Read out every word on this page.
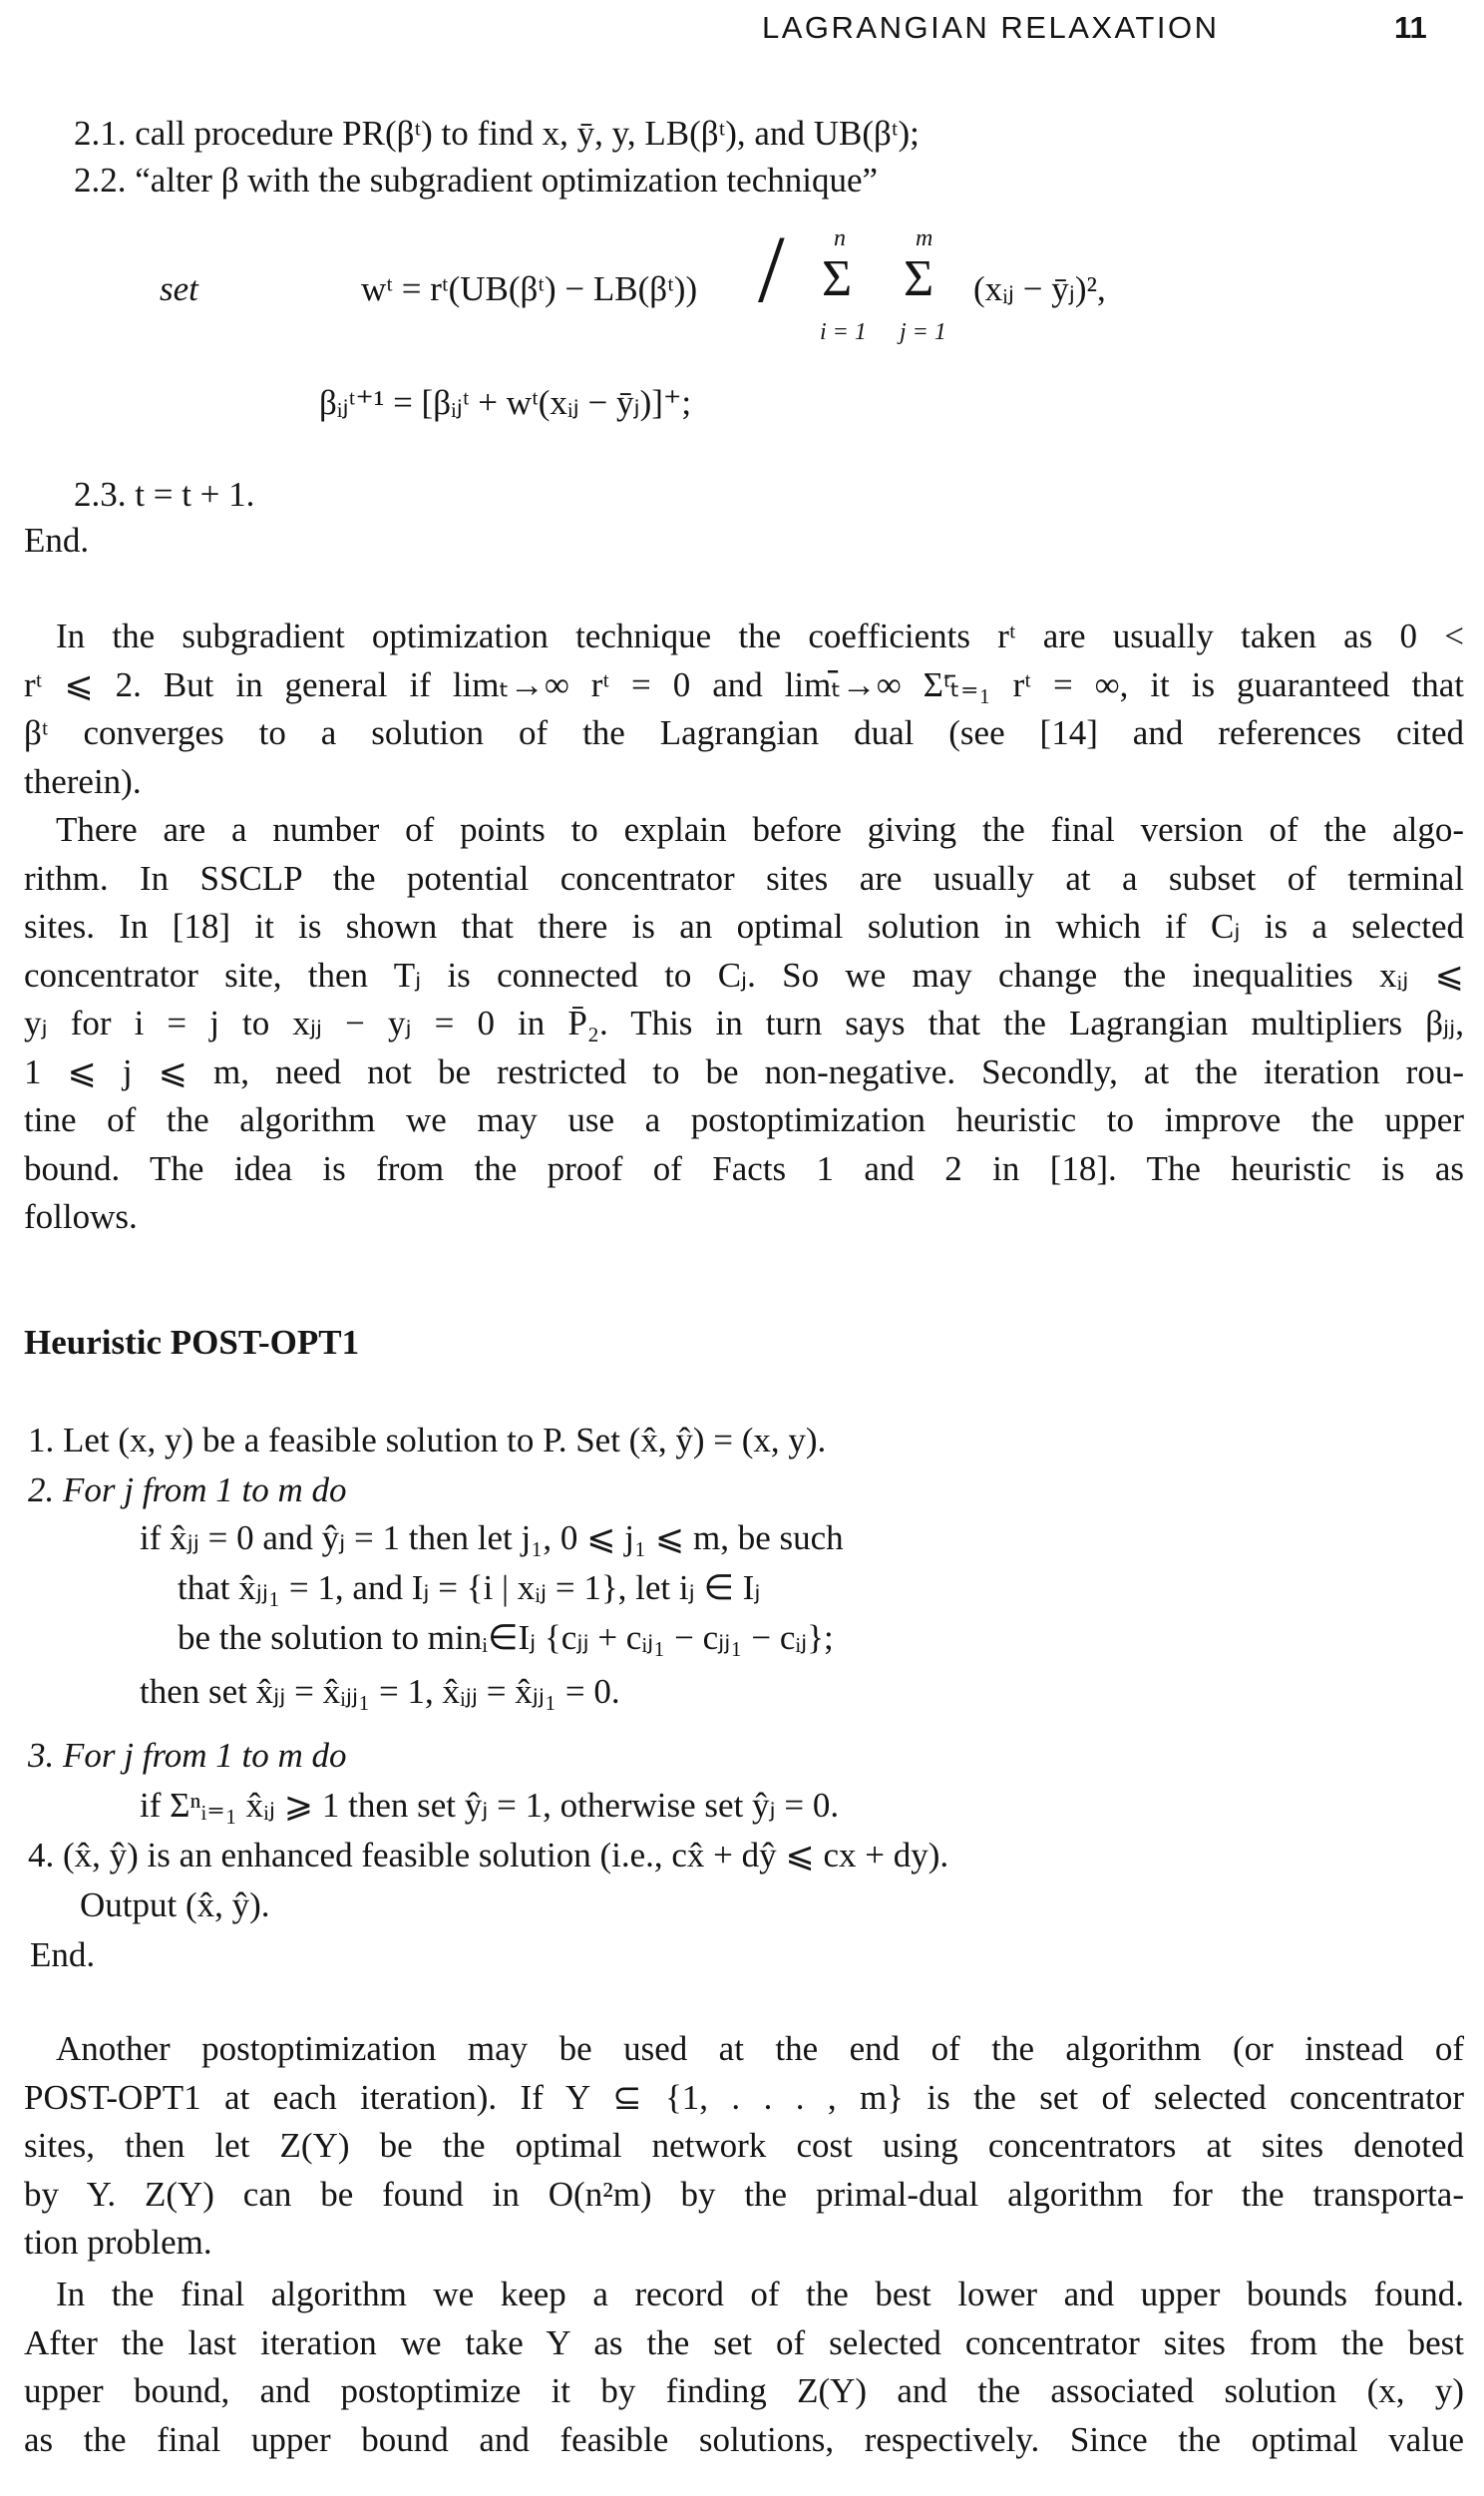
LAGRANGIAN RELAXATION	11
2.1. call procedure PR(βᵗ) to find x, ȳ, y, LB(βᵗ), and UB(βᵗ);
2.2. “alter β with the subgradient optimization technique”
set	wᵗ = rᵗ(UB(βᵗ) − LB(βᵗ)) / n
Σ
i = 1
m
Σ
j = 1
(xᵢⱼ − ȳⱼ)²,
βᵢⱼᵗ⁺¹ = [βᵢⱼᵗ + wᵗ(xᵢⱼ − ȳⱼ)]⁺;
2.3. t = t + 1.
End.
In the subgradient optimization technique the coefficients rᵗ are usually taken as 0 <
rᵗ ⩽ 2. But in general if limₜ→∞ rᵗ = 0 and limₜ̄→∞ Σᵗ̄ₜ₌₁ rᵗ = ∞, it is guaranteed that
βᵗ converges to a solution of the Lagrangian dual (see [14] and references cited
therein).
There are a number of points to explain before giving the final version of the algo-
rithm. In SSCLP the potential concentrator sites are usually at a subset of terminal
sites. In [18] it is shown that there is an optimal solution in which if Cⱼ is a selected
concentrator site, then Tⱼ is connected to Cⱼ. So we may change the inequalities xᵢⱼ ⩽
yⱼ for i = j to xⱼⱼ − yⱼ = 0 in P̄₂. This in turn says that the Lagrangian multipliers βⱼⱼ,
1 ⩽ j ⩽ m, need not be restricted to be non-negative. Secondly, at the iteration rou-
tine of the algorithm we may use a postoptimization heuristic to improve the upper
bound. The idea is from the proof of Facts 1 and 2 in [18]. The heuristic is as
follows.
Heuristic POST-OPT1
1. Let (x, y) be a feasible solution to P. Set (x̂, ŷ) = (x, y).
2. For j from 1 to m do
if x̂ⱼⱼ = 0 and ŷⱼ = 1 then let j₁, 0 ⩽ j₁ ⩽ m, be such
that x̂ⱼⱼ₁ = 1, and Iⱼ = {i | xᵢⱼ = 1}, let iⱼ ∈ Iⱼ
be the solution to minᵢ∈Iⱼ {cⱼⱼ + cᵢⱼ₁ − cⱼⱼ₁ − cᵢⱼ};
then set x̂ⱼⱼ = x̂ᵢⱼⱼ₁ = 1, x̂ᵢⱼⱼ = x̂ⱼⱼ₁ = 0.
3. For j from 1 to m do
if Σⁿᵢ₌₁ x̂ᵢⱼ ⩾ 1 then set ŷⱼ = 1, otherwise set ŷⱼ = 0.
4. (x̂, ŷ) is an enhanced feasible solution (i.e., cx̂ + dŷ ⩽ cx + dy).
Output (x̂, ŷ).
End.
Another postoptimization may be used at the end of the algorithm (or instead of
POST-OPT1 at each iteration). If Y ⊆ {1, . . . , m} is the set of selected concentrator
sites, then let Z(Y) be the optimal network cost using concentrators at sites denoted
by Y. Z(Y) can be found in O(n²m) by the primal-dual algorithm for the transporta-
tion problem.
In the final algorithm we keep a record of the best lower and upper bounds found.
After the last iteration we take Y as the set of selected concentrator sites from the best
upper bound, and postoptimize it by finding Z(Y) and the associated solution (x, y)
as the final upper bound and feasible solutions, respectively. Since the optimal value
